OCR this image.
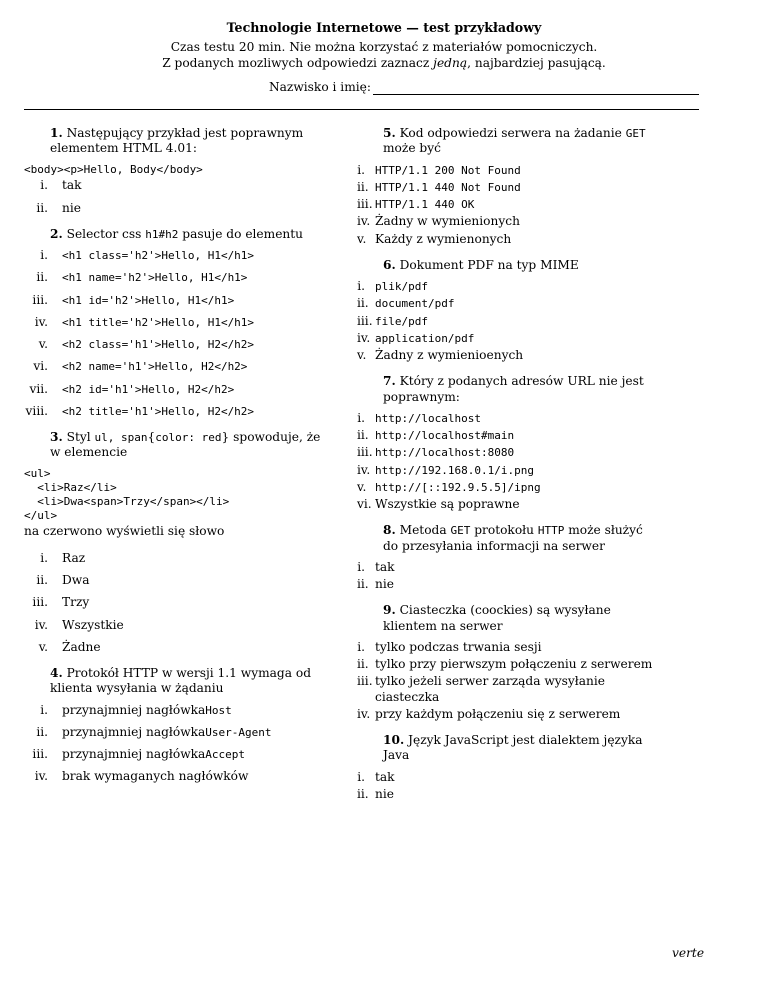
Technologie Internetowe — test przykładowy
Czas testu 20 min. Nie można korzystać z materiałów pomocniczych.
Z podanych mozliwych odpowiedzi zaznacz jedną, najbardziej pasującą.
Nazwisko i imię:
1. Następujący przykład jest poprawnym elementem HTML 4.01:
<body><p>Hello, Body</body>
i.	tak
ii.	nie
2. Selector css h1#h2 pasuje do elementu
i.	<h1 class='h2'>Hello, H1</h1>
ii.	<h1 name='h2'>Hello, H1</h1>
iii.	<h1 id='h2'>Hello, H1</h1>
iv.	<h1 title='h2'>Hello, H1</h1>
v.	<h2 class='h1'>Hello, H2</h2>
vi.	<h2 name='h1'>Hello, H2</h2>
vii.	<h2 id='h1'>Hello, H2</h2>
viii.	<h2 title='h1'>Hello, H2</h2>
3. Styl ul, span{color: red} spowoduje, że w elemencie
<ul>
<li>Raz</li>
<li>Dwa<span>Trzy</span></li>
</ul>
na czerwono wyświetli się słowo
i.	Raz
ii.	Dwa
iii.	Trzy
iv.	Wszystkie
v.	Żadne
4. Protokół HTTP w wersji 1.1 wymaga od klienta wysyłania w żądaniu
i.	przynajmniej nagłówka Host
ii.	przynajmniej nagłówka User-Agent
iii.	przynajmniej nagłówka Accept
iv.	brak wymaganych nagłówków
5. Kod odpowiedzi serwera na żadanie GET może być
i. HTTP/1.1 200 Not Found
ii. HTTP/1.1 440 Not Found
iii. HTTP/1.1 440 OK
iv. Żadny w wymienionych
v. Każdy z wymienonych
6. Dokument PDF na typ MIME
i. plik/pdf
ii. document/pdf
iii. file/pdf
iv. application/pdf
v. Żadny z wymienioenych
7. Który z podanych adresów URL nie jest poprawnym:
i. http://localhost
ii. http://localhost#main
iii. http://localhost:8080
iv. http://192.168.0.1/i.png
v. http://[::192.9.5.5]/ipng
vi. Wszystkie są poprawne
8. Metoda GET protokołu HTTP może służyć do przesyłania informacji na serwer
i. tak
ii. nie
9. Ciasteczka (coockies) są wysyłane klientem na serwer
i. tylko podczas trwania sesji
ii. tylko przy pierwszym połączeniu z serwerem
iii. tylko jeżeli serwer zarząda wysyłanie ciasteczka
iv. przy każdym połączeniu się z serwerem
10. Język JavaScript jest dialektem języka Java
i. tak
ii. nie
verte
